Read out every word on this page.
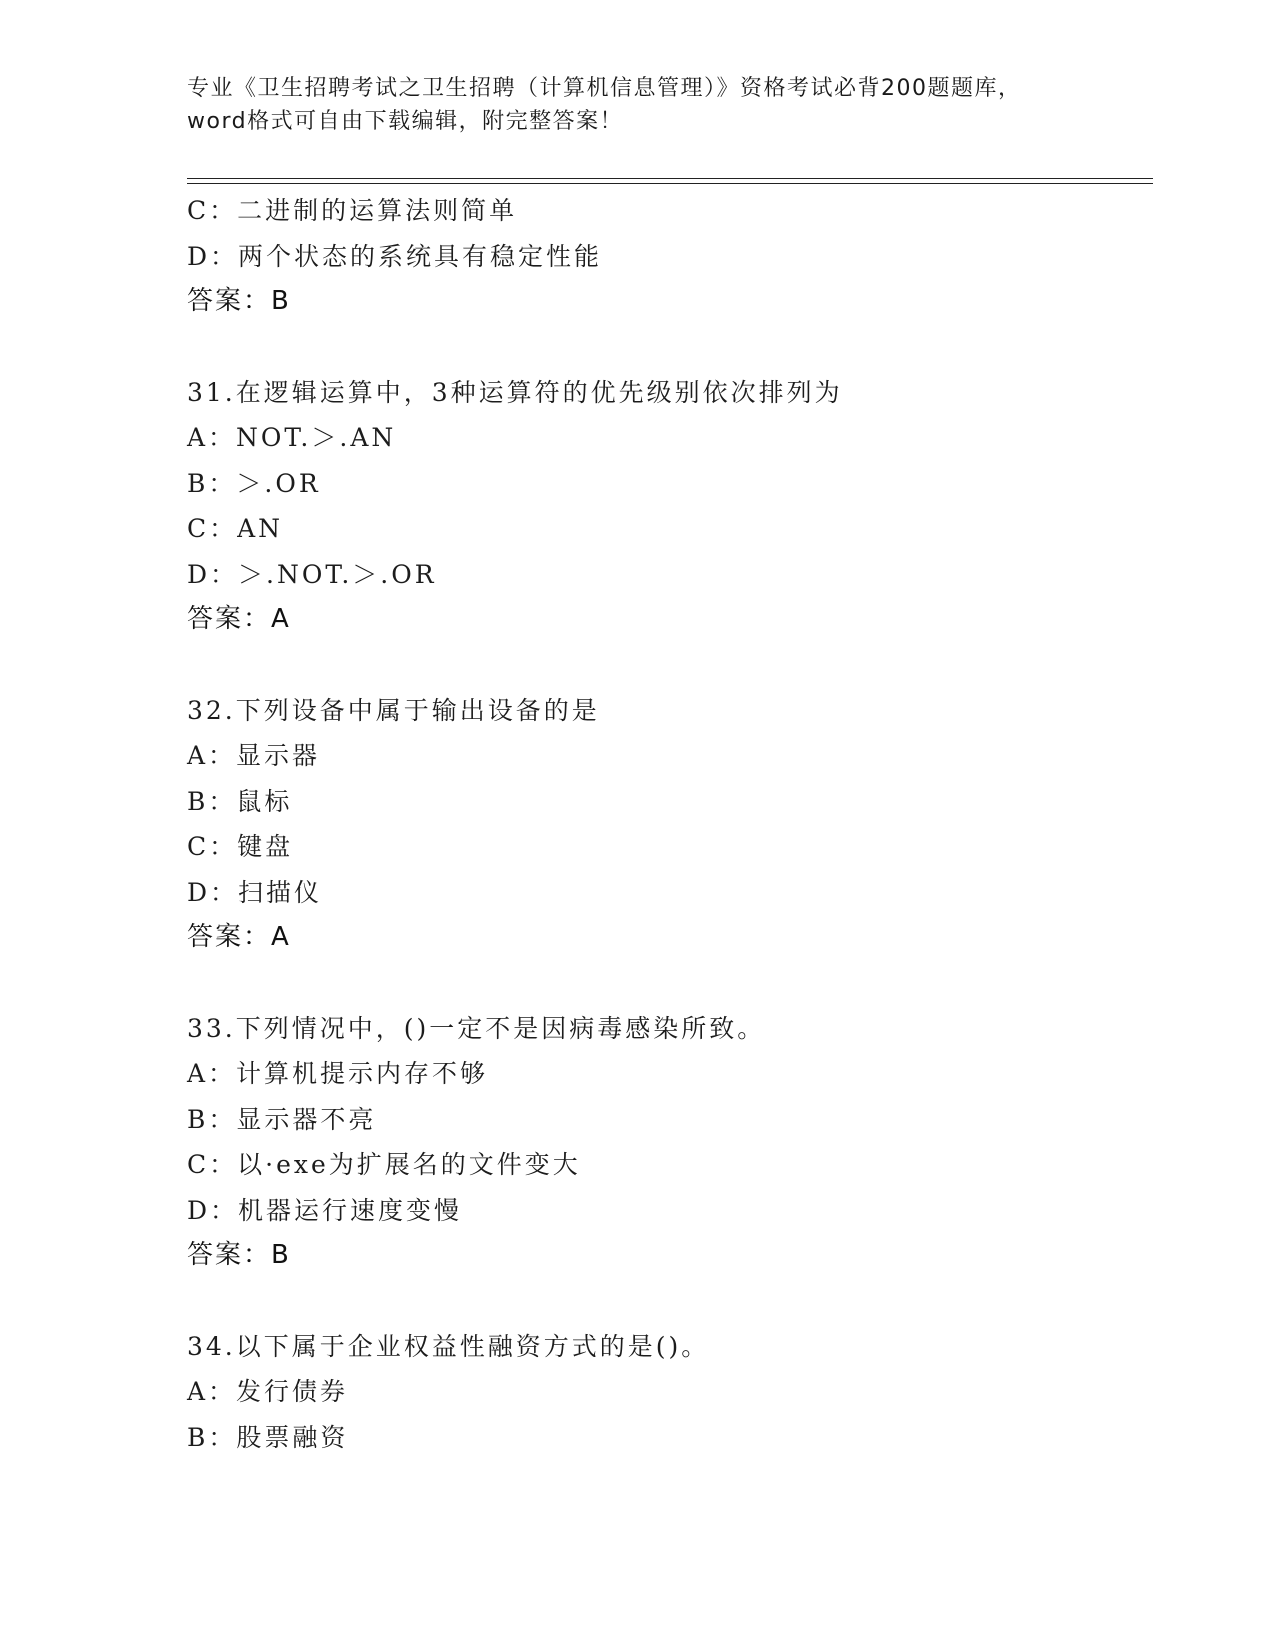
专业《卫生招聘考试之卫生招聘（计算机信息管理）》资格考试必背200题题库，
word格式可自由下载编辑，附完整答案！
C：二进制的运算法则简单
D：两个状态的系统具有稳定性能
答案：B
31.在逻辑运算中，3种运算符的优先级别依次排列为
A：NOT.＞.AN
B：＞.OR
C：AN
D：＞.NOT.＞.OR
答案：A
32.下列设备中属于输出设备的是
A：显示器
B：鼠标
C：键盘
D：扫描仪
答案：A
33.下列情况中，()一定不是因病毒感染所致。
A：计算机提示内存不够
B：显示器不亮
C：以·exe为扩展名的文件变大
D：机器运行速度变慢
答案：B
34.以下属于企业权益性融资方式的是()。
A：发行债券
B：股票融资
